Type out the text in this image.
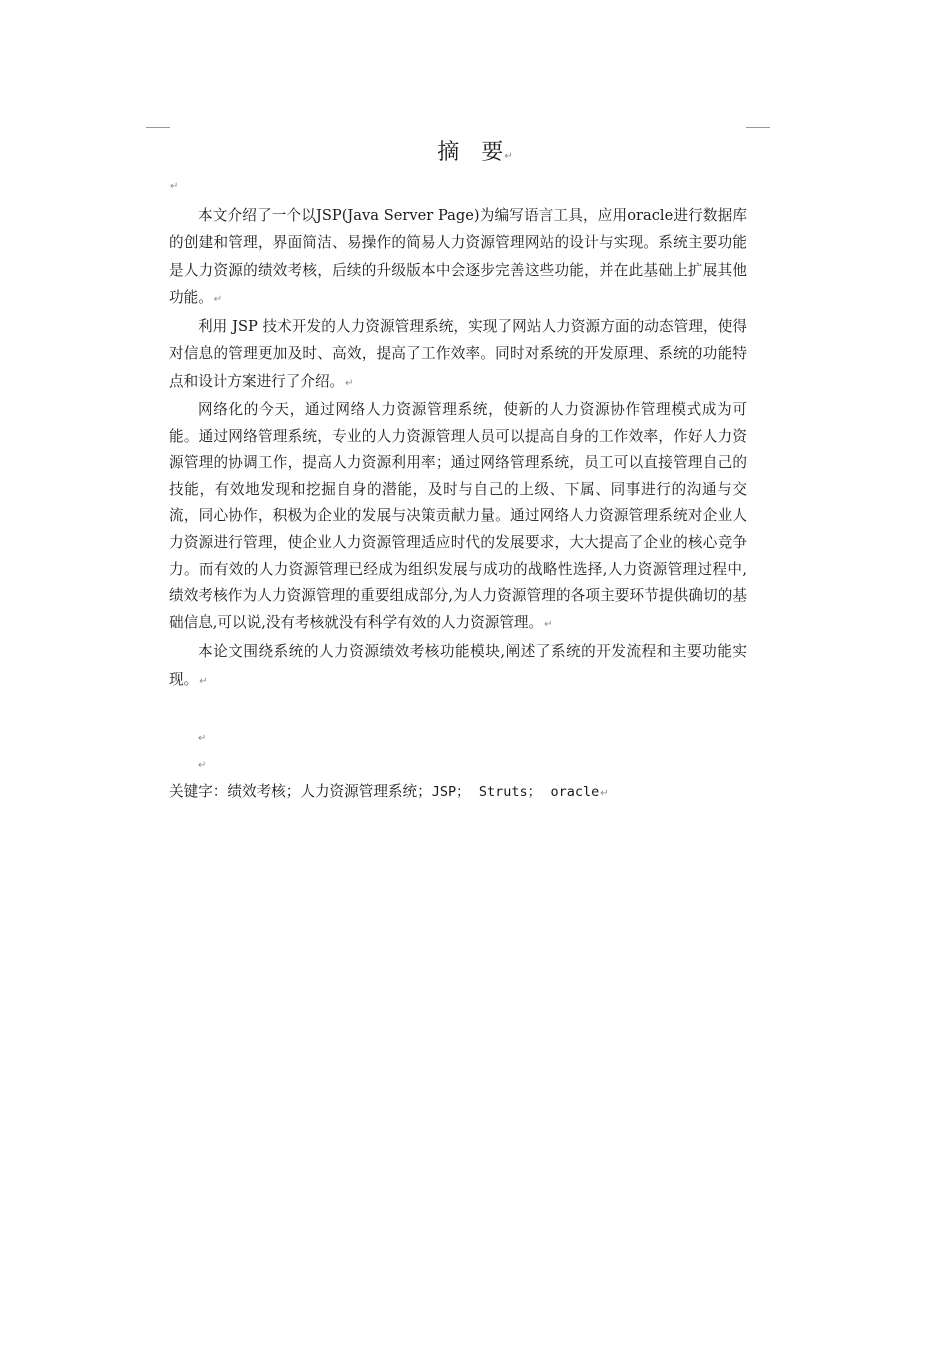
摘 要↵
↵

本文介绍了一个以JSP(Java Server Page)为编写语言工具，应用oracle进行数据库的创建和管理，界面简洁、易操作的简易人力资源管理网站的设计与实现。系统主要功能是人力资源的绩效考核，后续的升级版本中会逐步完善这些功能，并在此基础上扩展其他功能。↵

利用 JSP 技术开发的人力资源管理系统，实现了网站人力资源方面的动态管理，使得对信息的管理更加及时、高效，提高了工作效率。同时对系统的开发原理、系统的功能特点和设计方案进行了介绍。↵

网络化的今天，通过网络人力资源管理系统，使新的人力资源协作管理模式成为可能。通过网络管理系统，专业的人力资源管理人员可以提高自身的工作效率，作好人力资源管理的协调工作，提高人力资源利用率；通过网络管理系统，员工可以直接管理自己的技能，有效地发现和挖掘自身的潜能，及时与自己的上级、下属、同事进行的沟通与交流，同心协作，积极为企业的发展与决策贡献力量。通过网络人力资源管理系统对企业人力资源进行管理，使企业人力资源管理适应时代的发展要求，大大提高了企业的核心竞争力。而有效的人力资源管理已经成为组织发展与成功的战略性选择,人力资源管理过程中,绩效考核作为人力资源管理的重要组成部分,为人力资源管理的各项主要环节提供确切的基础信息,可以说,没有考核就没有科学有效的人力资源管理。↵

本论文围绕系统的人力资源绩效考核功能模块,阐述了系统的开发流程和主要功能实现。↵

↵
↵
关键字：绩效考核；人力资源管理系统；JSP； Struts； oracle↵
